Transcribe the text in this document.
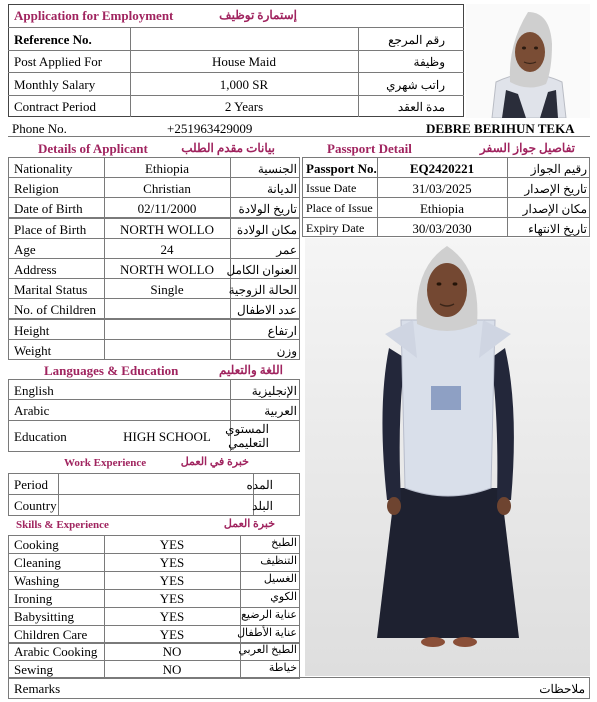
Application for Employment	إستمارة توظيف
Reference No.	رقم المرجع
Post Applied For	House Maid	وظيفة
Monthly Salary	1,000 SR	راتب شهري
Contract Period	2 Years	مدة العقد
Phone No.	+251963429009	DEBRE BERIHUN TEKA
Details of Applicant	بيانات مقدم الطلب
Nationality	Ethiopia	الجنسية
Religion	Christian	الديانة
Date of Birth	02/11/2000	تاريخ الولادة
Place of Birth	NORTH WOLLO	مكان الولادة
Age	24	عمر
Address	NORTH WOLLO	العنوان الكامل
Marital Status	Single	الحالة الزوجية
No. of Children	عدد الاطفال
Height	ارتفاع
Weight	وزن
Languages & Education	اللغة والتعليم
English	الإنجليزية
Arabic	العربية
Education	HIGH SCHOOL	المستوي
التعليمي
Work Experience	خبرة في العمل
Period	المده
Country	البلد
Skills & Experience	خبرة العمل
Cooking	YES	الطبخ
Cleaning	YES	التنظيف
Washing	YES	الغسيل
Ironing	YES	الكوي
Babysitting	YES	عناية الرضيع
Children Care	YES	عناية الأطفال
Arabic Cooking	NO	الطبخ العربي
Sewing	NO	خياطة
Remarks	ملاحظات
Passport Detail	تفاصيل جواز السفر
Passport No.	EQ2420221	رقيم الجواز
Issue Date	31/03/2025	تاريخ الإصدار
Place of Issue	Ethiopia	مكان الإصدار
Expiry Date	30/03/2030	تاريخ الانتهاء
